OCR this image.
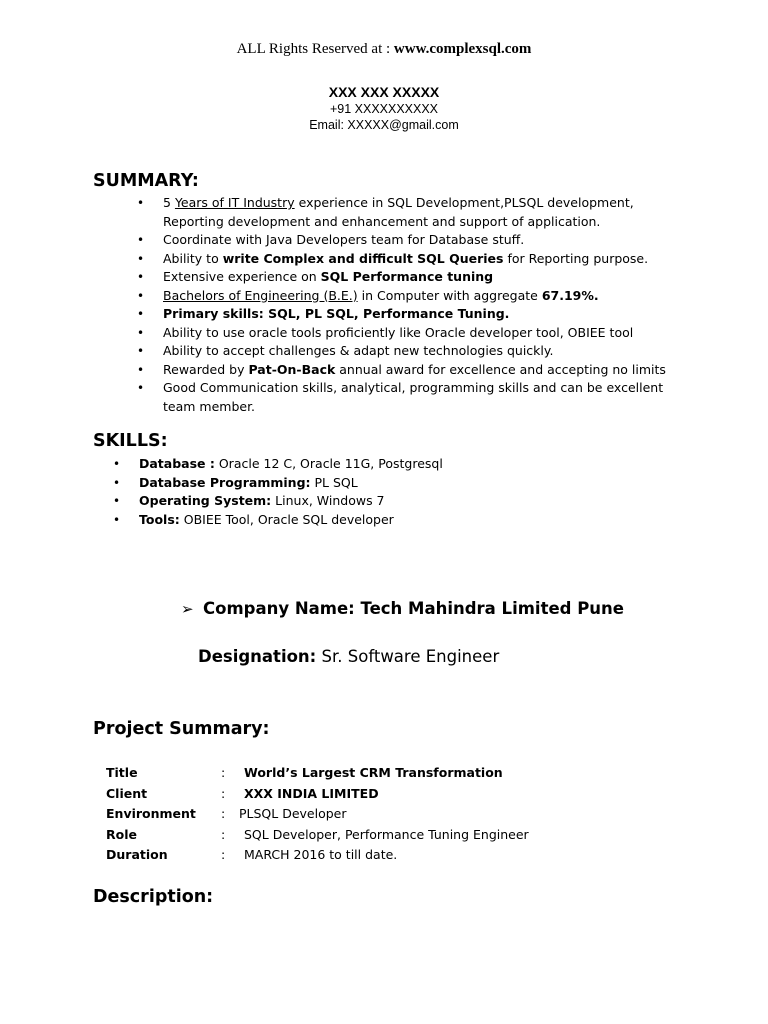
ALL Rights Reserved at : www.complexsql.com
XXX XXX XXXXX
+91 XXXXXXXXXX
Email: XXXXX@gmail.com
SUMMARY:
• 5 Years of IT Industry experience in SQL Development,PLSQL development, Reporting development and enhancement and support of application.
• Coordinate with Java Developers team for Database stuff.
• Ability to write Complex and difficult SQL Queries for Reporting purpose.
• Extensive experience on SQL Performance tuning
• Bachelors of Engineering (B.E.) in Computer with aggregate 67.19%.
• Primary skills: SQL, PL SQL, Performance Tuning.
• Ability to use oracle tools proficiently like Oracle developer tool, OBIEE tool
• Ability to accept challenges & adapt new technologies quickly.
• Rewarded by Pat-On-Back annual award for excellence and accepting no limits
• Good Communication skills, analytical, programming skills and can be excellent team member.
SKILLS:
• Database : Oracle 12 C, Oracle 11G, Postgresql
• Database Programming: PL SQL
• Operating System: Linux, Windows 7
• Tools: OBIEE Tool, Oracle SQL developer
➢ Company Name: Tech Mahindra Limited Pune
Designation: Sr. Software Engineer
Project Summary:
Title	:	World’s Largest CRM Transformation
Client	:	XXX INDIA LIMITED
Environment	:	PLSQL Developer
Role	:	SQL Developer, Performance Tuning Engineer
Duration	:	MARCH 2016 to till date.
Description:
